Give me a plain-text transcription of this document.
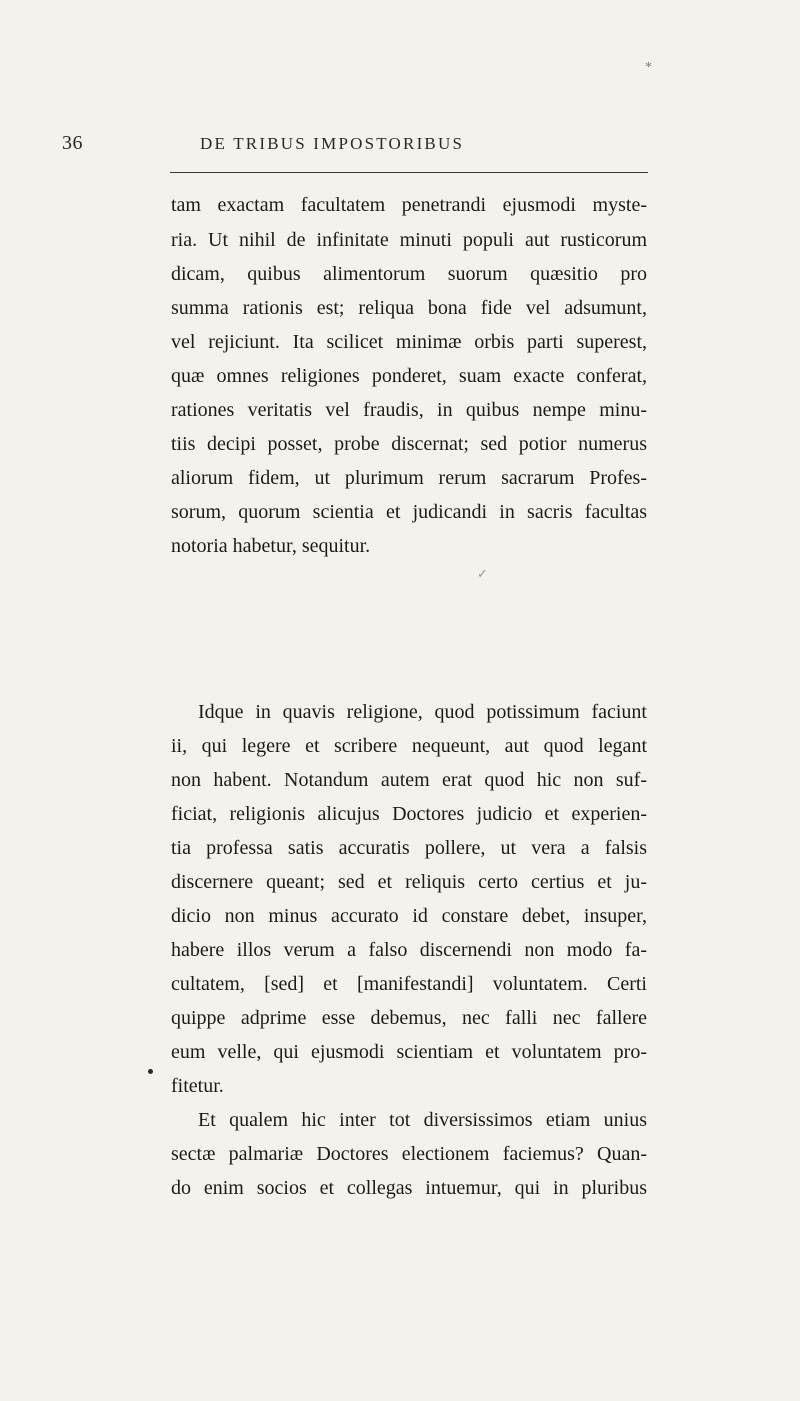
*
36	DE TRIBUS IMPOSTORIBUS
tam exactam facultatem penetrandi ejusmodi myste-
ria. Ut nihil de infinitate minuti populi aut rusticorum
dicam, quibus alimentorum suorum quæsitio pro
summa rationis est; reliqua bona fide vel adsumunt,
vel rejiciunt. Ita scilicet minimæ orbis parti superest,
quæ omnes religiones ponderet, suam exacte conferat,
rationes veritatis vel fraudis, in quibus nempe minu-
tiis decipi posset, probe discernat; sed potior numerus
aliorum fidem, ut plurimum rerum sacrarum Profes-
sorum, quorum scientia et judicandi in sacris facultas
notoria habetur, sequitur.
✓
Idque in quavis religione, quod potissimum faciunt
ii, qui legere et scribere nequeunt, aut quod legant
non habent. Notandum autem erat quod hic non suf-
ficiat, religionis alicujus Doctores judicio et experien-
tia professa satis accuratis pollere, ut vera a falsis
discernere queant; sed et reliquis certo certius et ju-
dicio non minus accurato id constare debet, insuper,
habere illos verum a falso discernendi non modo fa-
cultatem, [sed] et [manifestandi] voluntatem. Certi
quippe adprime esse debemus, nec falli nec fallere
eum velle, qui ejusmodi scientiam et voluntatem pro-
fitetur.
Et qualem hic inter tot diversissimos etiam unius
sectæ palmariæ Doctores electionem faciemus? Quan-
do enim socios et collegas intuemur, qui in pluribus
